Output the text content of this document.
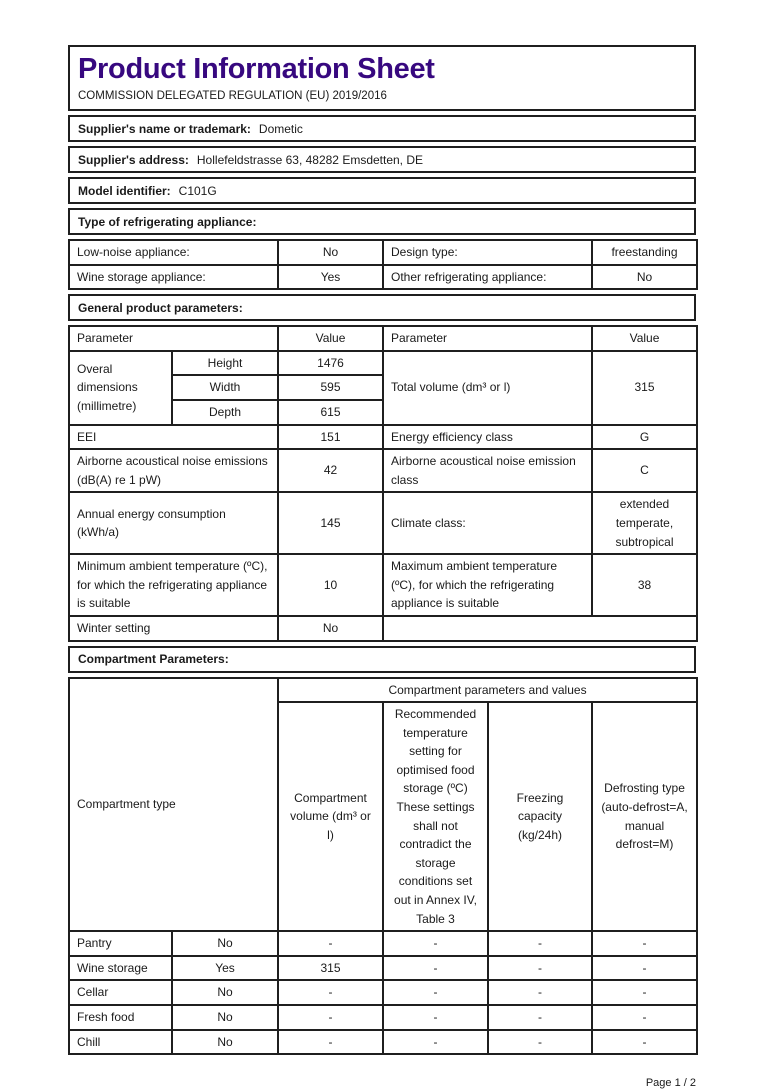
Product Information Sheet
COMMISSION DELEGATED REGULATION (EU) 2019/2016
Supplier's name or trademark: Dometic
Supplier's address: Hollefeldstrasse 63, 48282 Emsdetten, DE
Model identifier: C101G
Type of refrigerating appliance:
Low-noise appliance:	No	Design type:	freestanding
Wine storage appliance:	Yes	Other refrigerating appliance:	No
General product parameters:
Parameter		Value	Parameter	Value
Overal dimensions (millimetre)	Height	1476	Total volume (dm³ or l)	315
	Width	595		
	Depth	615		
EEI		151	Energy efficiency class	G
Airborne acoustical noise emissions (dB(A) re 1 pW)		42	Airborne acoustical noise emission class	C
Annual energy consumption (kWh/a)		145	Climate class:	extended temperate, subtropical
Minimum ambient temperature (ºC), for which the refrigerating appliance is suitable		10	Maximum ambient temperature (ºC), for which the refrigerating appliance is suitable	38
Winter setting		No		
Compartment Parameters:
Compartment type		Compartment parameters and values			
		Compartment volume (dm³ or l)	Recommended temperature setting for optimised food storage (ºC) These settings shall not contradict the storage conditions set out in Annex IV, Table 3	Freezing capacity (kg/24h)	Defrosting type (auto-defrost=A, manual defrost=M)
Pantry	No	-	-	-	-
Wine storage	Yes	315	-	-	-
Cellar	No	-	-	-	-
Fresh food	No	-	-	-	-
Chill	No	-	-	-	-
Page 1 / 2
